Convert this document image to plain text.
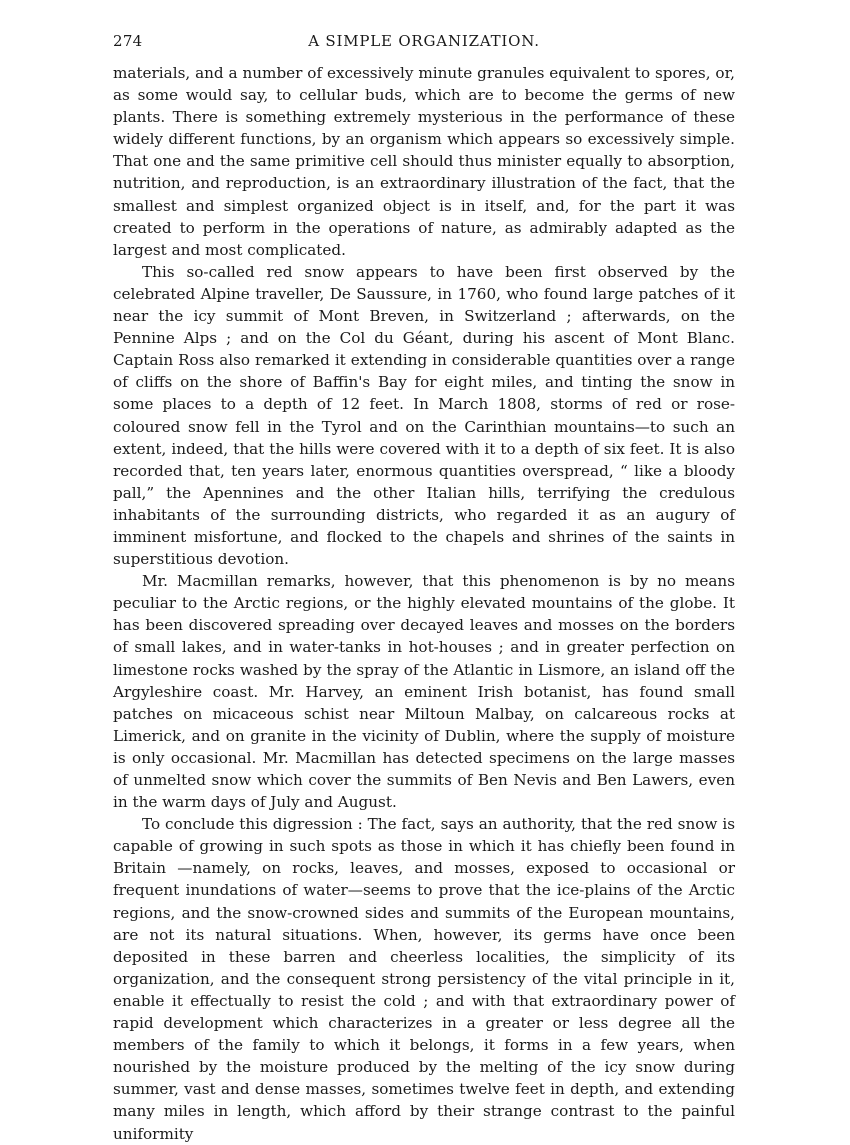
274	A SIMPLE ORGANIZATION.

materials, and a number of excessively minute granules equivalent to spores, or, as some would say, to cellular buds, which are to become the germs of new plants. There is something extremely mysterious in the performance of these widely different functions, by an organism which appears so excessively simple. That one and the same primitive cell should thus minister equally to absorption, nutrition, and reproduction, is an extraordinary illustration of the fact, that the smallest and simplest organized object is in itself, and, for the part it was created to perform in the operations of nature, as admirably adapted as the largest and most complicated.

This so-called red snow appears to have been first observed by the celebrated Alpine traveller, De Saussure, in 1760, who found large patches of it near the icy summit of Mont Breven, in Switzerland ; afterwards, on the Pennine Alps ; and on the Col du Géant, during his ascent of Mont Blanc. Captain Ross also remarked it extending in considerable quantities over a range of cliffs on the shore of Baffin's Bay for eight miles, and tinting the snow in some places to a depth of 12 feet. In March 1808, storms of red or rose-coloured snow fell in the Tyrol and on the Carinthian mountains—to such an extent, indeed, that the hills were covered with it to a depth of six feet. It is also recorded that, ten years later, enormous quantities overspread, “ like a bloody pall,” the Apennines and the other Italian hills, terrifying the credulous inhabitants of the surrounding districts, who regarded it as an augury of imminent misfortune, and flocked to the chapels and shrines of the saints in superstitious devotion.

Mr. Macmillan remarks, however, that this phenomenon is by no means peculiar to the Arctic regions, or the highly elevated mountains of the globe. It has been discovered spreading over decayed leaves and mosses on the borders of small lakes, and in water-tanks in hot-houses ; and in greater perfection on limestone rocks washed by the spray of the Atlantic in Lismore, an island off the Argyleshire coast. Mr. Harvey, an eminent Irish botanist, has found small patches on micaceous schist near Miltoun Malbay, on calcareous rocks at Limerick, and on granite in the vicinity of Dublin, where the supply of moisture is only occasional. Mr. Macmillan has detected specimens on the large masses of unmelted snow which cover the summits of Ben Nevis and Ben Lawers, even in the warm days of July and August.

To conclude this digression : The fact, says an authority, that the red snow is capable of growing in such spots as those in which it has chiefly been found in Britain —namely, on rocks, leaves, and mosses, exposed to occasional or frequent inundations of water—seems to prove that the ice-plains of the Arctic regions, and the snow-crowned sides and summits of the European mountains, are not its natural situations. When, however, its germs have once been deposited in these barren and cheerless localities, the simplicity of its organization, and the consequent strong persistency of the vital principle in it, enable it effectually to resist the cold ; and with that extraordinary power of rapid development which characterizes in a greater or less degree all the members of the family to which it belongs, it forms in a few years, when nourished by the moisture produced by the melting of the icy snow during summer, vast and dense masses, sometimes twelve feet in depth, and extending many miles in length, which afford by their strange contrast to the painful uniformity
